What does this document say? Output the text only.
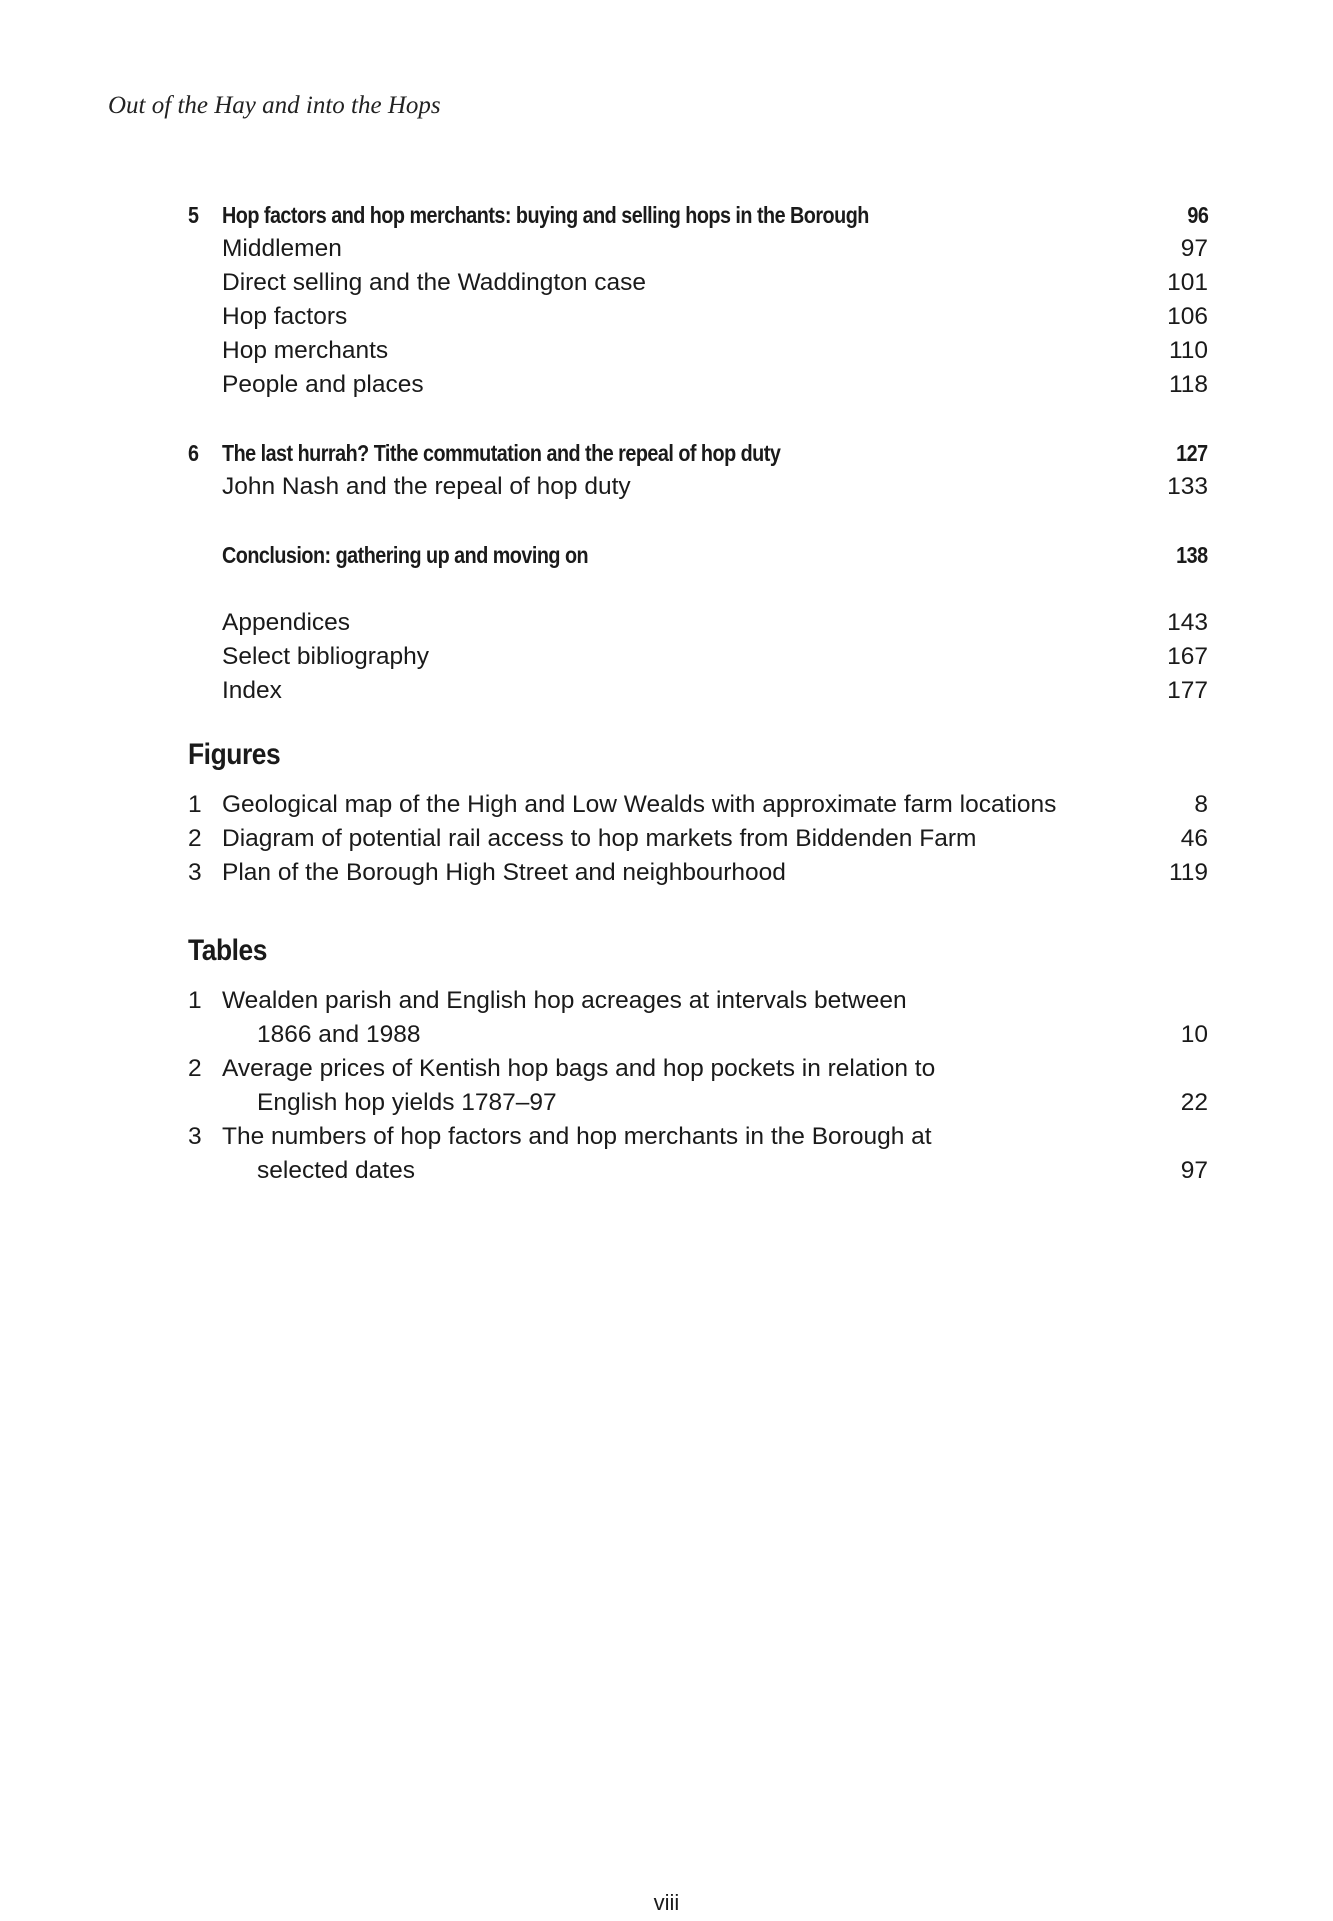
Out of the Hay and into the Hops
5	Hop factors and hop merchants: buying and selling hops in the Borough	96
Middlemen	97
Direct selling and the Waddington case	101
Hop factors	106
Hop merchants	110
People and places	118
6	The last hurrah? Tithe commutation and the repeal of hop duty	127
John Nash and the repeal of hop duty	133
Conclusion: gathering up and moving on	138
Appendices	143
Select bibliography	167
Index	177
Figures
1 Geological map of the High and Low Wealds with approximate farm locations	8
2 Diagram of potential rail access to hop markets from Biddenden Farm	46
3 Plan of the Borough High Street and neighbourhood	119
Tables
1 Wealden parish and English hop acreages at intervals between
1866 and 1988	10
2 Average prices of Kentish hop bags and hop pockets in relation to
English hop yields 1787–97	22
3 The numbers of hop factors and hop merchants in the Borough at
selected dates	97
viii
